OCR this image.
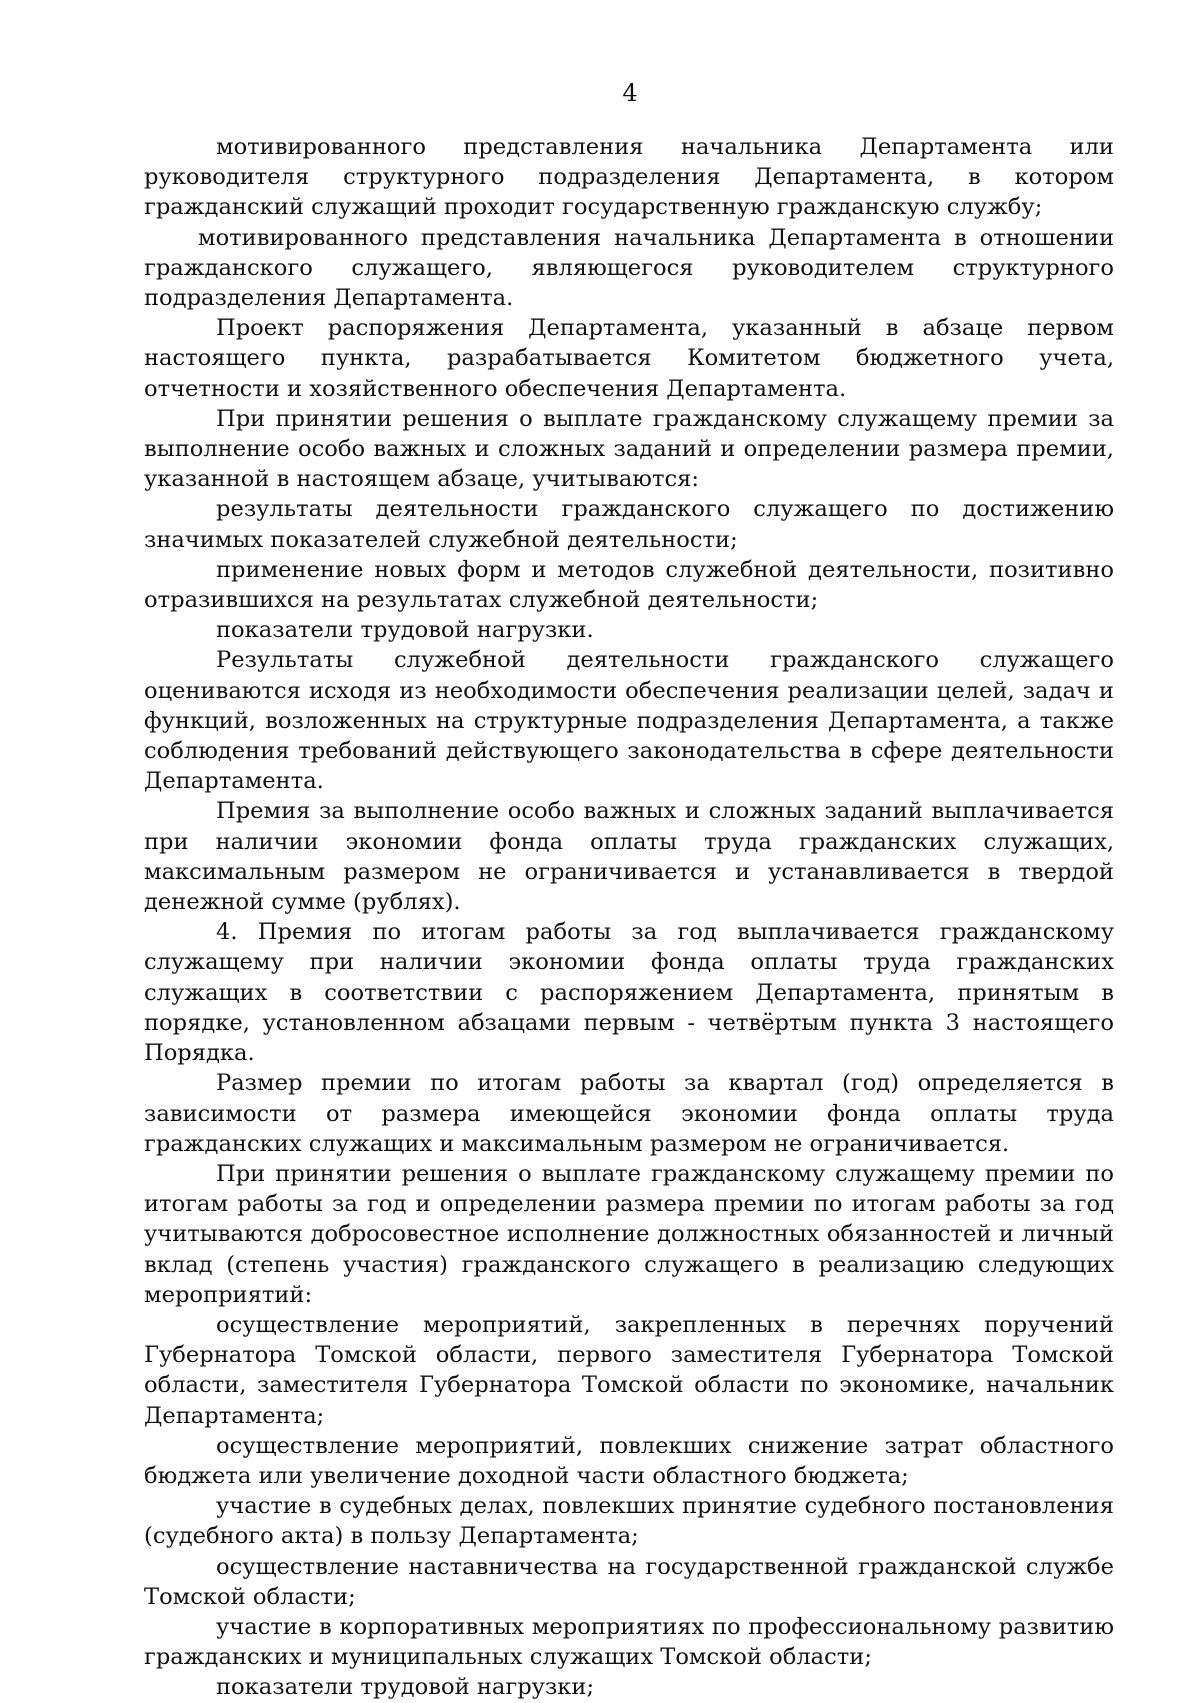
4

мотивированного представления начальника Департамента или руководителя структурного подразделения Департамента, в котором гражданский служащий проходит государственную гражданскую службу;

мотивированного представления начальника Департамента в отношении гражданского служащего, являющегося руководителем структурного подразделения Департамента.

Проект распоряжения Департамента, указанный в абзаце первом настоящего пункта, разрабатывается Комитетом бюджетного учета, отчетности и хозяйственного обеспечения Департамента.

При принятии решения о выплате гражданскому служащему премии за выполнение особо важных и сложных заданий и определении размера премии, указанной в настоящем абзаце, учитываются:

результаты деятельности гражданского служащего по достижению значимых показателей служебной деятельности;

применение новых форм и методов служебной деятельности, позитивно отразившихся на результатах служебной деятельности;

показатели трудовой нагрузки.

Результаты служебной деятельности гражданского служащего оцениваются исходя из необходимости обеспечения реализации целей, задач и функций, возложенных на структурные подразделения Департамента, а также соблюдения требований действующего законодательства в сфере деятельности Департамента.

Премия за выполнение особо важных и сложных заданий выплачивается при наличии экономии фонда оплаты труда гражданских служащих, максимальным размером не ограничивается и устанавливается в твердой денежной сумме (рублях).

4. Премия по итогам работы за год выплачивается гражданскому служащему при наличии экономии фонда оплаты труда гражданских служащих в соответствии с распоряжением Департамента, принятым в порядке, установленном абзацами первым - четвёртым пункта 3 настоящего Порядка.

Размер премии по итогам работы за квартал (год) определяется в зависимости от размера имеющейся экономии фонда оплаты труда гражданских служащих и максимальным размером не ограничивается.

При принятии решения о выплате гражданскому служащему премии по итогам работы за год и определении размера премии по итогам работы за год учитываются добросовестное исполнение должностных обязанностей и личный вклад (степень участия) гражданского служащего в реализацию следующих мероприятий:

осуществление мероприятий, закрепленных в перечнях поручений Губернатора Томской области, первого заместителя Губернатора Томской области, заместителя Губернатора Томской области по экономике, начальник Департамента;

осуществление мероприятий, повлекших снижение затрат областного бюджета или увеличение доходной части областного бюджета;

участие в судебных делах, повлекших принятие судебного постановления (судебного акта) в пользу Департамента;

осуществление наставничества на государственной гражданской службе Томской области;

участие в корпоративных мероприятиях по профессиональному развитию гражданских и муниципальных служащих Томской области;

показатели трудовой нагрузки;
